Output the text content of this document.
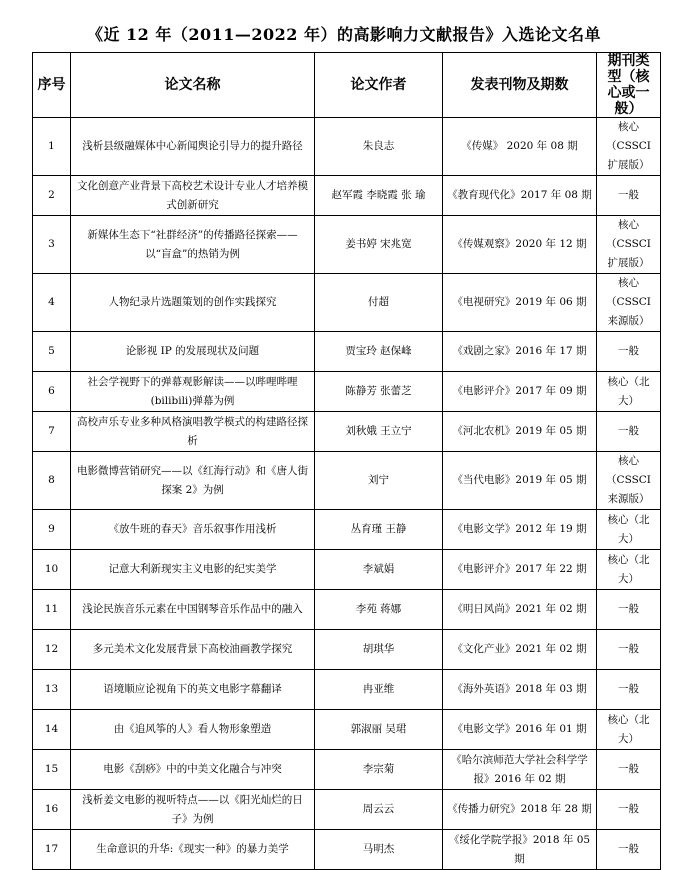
《近 12 年（2011—2022 年）的高影响力文献报告》入选论文名单
序号	论文名称	论文作者	发表刊物及期数	期刊类型（核心或一般）
1	浅析县级融媒体中心新闻舆论引导力的提升路径	朱良志	《传媒》 2020 年 08 期	核心（CSSCI 扩展版）
2	文化创意产业背景下高校艺术设计专业人才培养模式创新研究	赵军霞 李晓霞 张 瑜	《教育现代化》2017 年 08 期	一般
3	新媒体生态下“社群经济”的传播路径探索——以“盲盒”的热销为例	姜书婷 宋兆宽	《传媒观察》2020 年 12 期	核心（CSSCI 扩展版）
4	人物纪录片选题策划的创作实践探究	付超	《电视研究》2019 年 06 期	核心（CSSCI 来源版）
5	论影视 IP 的发展现状及问题	贾宝玲 赵保峰	《戏剧之家》2016 年 17 期	一般
6	社会学视野下的弹幕观影解读——以哔哩哔哩(bilibili)弹幕为例	陈静芳 张蕾芝	《电影评介》2017 年 09 期	核心（北大）
7	高校声乐专业多种风格演唱教学模式的构建路径探析	刘秋娥 王立宁	《河北农机》2019 年 05 期	一般
8	电影微博营销研究——以《红海行动》和《唐人街探案 2》为例	刘宁	《当代电影》2019 年 05 期	核心（CSSCI 来源版）
9	《放牛班的春天》音乐叙事作用浅析	丛育瑾 王静	《电影文学》2012 年 19 期	核心（北大）
10	记意大利新现实主义电影的纪实美学	李斌娟	《电影评介》2017 年 22 期	核心（北大）
11	浅论民族音乐元素在中国钢琴音乐作品中的融入	李苑 蒋娜	《明日风尚》2021 年 02 期	一般
12	多元美术文化发展背景下高校油画教学探究	胡琪华	《文化产业》2021 年 02 期	一般
13	语境顺应论视角下的英文电影字幕翻译	冉亚维	《海外英语》2018 年 03 期	一般
14	由《追风筝的人》看人物形象塑造	郭淑丽 吴珺	《电影文学》2016 年 01 期	核心（北大）
15	电影《刮痧》中的中美文化融合与冲突	李宗菊	《哈尔滨师范大学社会科学学报》2016 年 02 期	一般
16	浅析姜文电影的视听特点——以《阳光灿烂的日子》为例	周云云	《传播力研究》2018 年 28 期	一般
17	生命意识的升华:《现实一种》的暴力美学	马明杰	《绥化学院学报》2018 年 05 期	一般
